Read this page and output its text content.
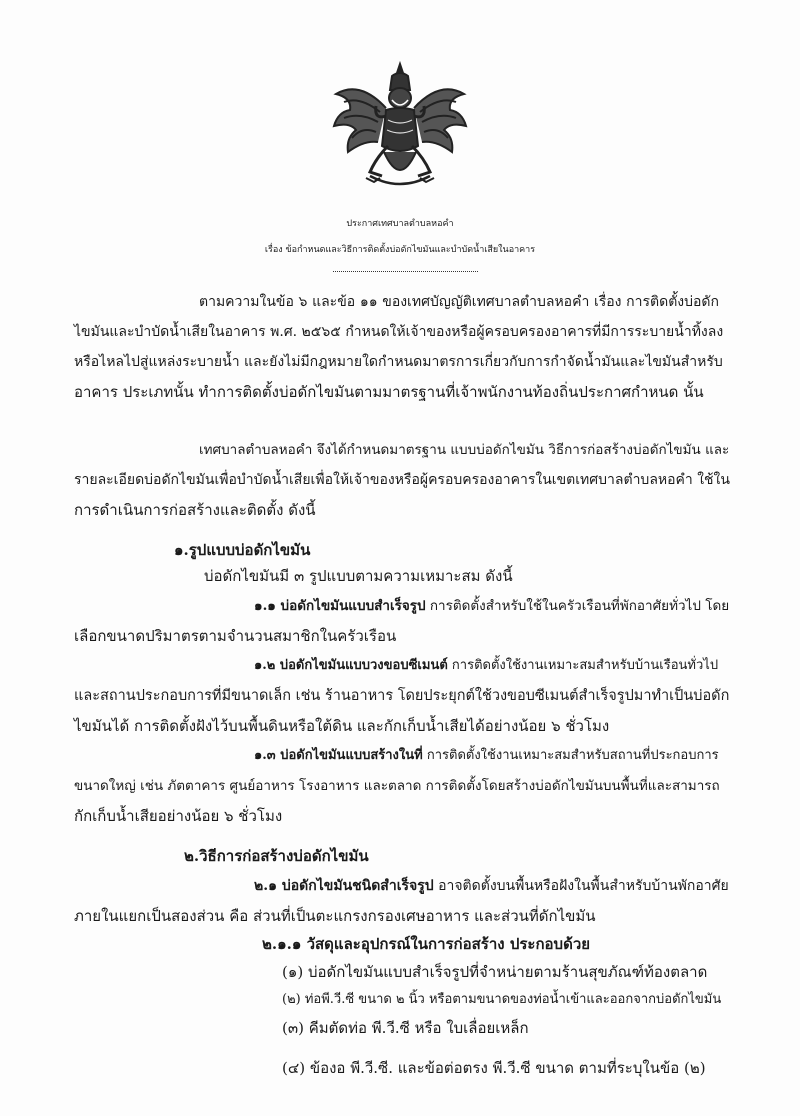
ประกาศเทศบาลตำบลหอคำ
เรื่อง ข้อกำหนดและวิธีการติดตั้งบ่อดักไขมันและบำบัดน้ำเสียในอาคาร
ตามความในข้อ ๖ และข้อ ๑๑ ของเทศบัญญัติเทศบาลตำบลหอคำ เรื่อง การติดตั้งบ่อดัก
ไขมันและบำบัดน้ำเสียในอาคาร พ.ศ. ๒๕๖๕ กำหนดให้เจ้าของหรือผู้ครอบครองอาคารที่มีการระบายน้ำทิ้งลง
หรือไหลไปสู่แหล่งระบายน้ำ และยังไม่มีกฎหมายใดกำหนดมาตรการเกี่ยวกับการกำจัดน้ำมันและไขมันสำหรับ
อาคาร ประเภทนั้น ทำการติดตั้งบ่อดักไขมันตามมาตรฐานที่เจ้าพนักงานท้องถิ่นประกาศกำหนด นั้น
เทศบาลตำบลหอคำ จึงได้กำหนดมาตรฐาน แบบบ่อดักไขมัน วิธีการก่อสร้างบ่อดักไขมัน และ
รายละเอียดบ่อดักไขมันเพื่อบำบัดน้ำเสียเพื่อให้เจ้าของหรือผู้ครอบครองอาคารในเขตเทศบาลตำบลหอคำ ใช้ใน
การดำเนินการก่อสร้างและติดตั้ง ดังนี้
๑.รูปแบบบ่อดักไขมัน
บ่อดักไขมันมี ๓ รูปแบบตามความเหมาะสม ดังนี้
๑.๑ บ่อดักไขมันแบบสำเร็จรูป การติดตั้งสำหรับใช้ในครัวเรือนที่พักอาศัยทั่วไป โดย
เลือกขนาดปริมาตรตามจำนวนสมาชิกในครัวเรือน
๑.๒ บ่อดักไขมันแบบวงขอบซีเมนต์ การติดตั้งใช้งานเหมาะสมสำหรับบ้านเรือนทั่วไป
และสถานประกอบการที่มีขนาดเล็ก เช่น ร้านอาหาร โดยประยุกต์ใช้วงขอบซีเมนต์สำเร็จรูปมาทำเป็นบ่อดัก
ไขมันได้ การติดตั้งฝังไว้บนพื้นดินหรือใต้ดิน และกักเก็บน้ำเสียได้อย่างน้อย ๖ ชั่วโมง
๑.๓ บ่อดักไขมันแบบสร้างในที่ การติดตั้งใช้งานเหมาะสมสำหรับสถานที่ประกอบการ
ขนาดใหญ่ เช่น ภัตตาคาร ศูนย์อาหาร โรงอาหาร และตลาด การติดตั้งโดยสร้างบ่อดักไขมันบนพื้นที่และสามารถ
กักเก็บน้ำเสียอย่างน้อย ๖ ชั่วโมง
๒.วิธีการก่อสร้างบ่อดักไขมัน
๒.๑ บ่อดักไขมันชนิดสำเร็จรูป อาจติดตั้งบนพื้นหรือฝังในพื้นสำหรับบ้านพักอาศัย
ภายในแยกเป็นสองส่วน คือ ส่วนที่เป็นตะแกรงกรองเศษอาหาร และส่วนที่ดักไขมัน
๒.๑.๑ วัสดุและอุปกรณ์ในการก่อสร้าง ประกอบด้วย
(๑) บ่อดักไขมันแบบสำเร็จรูปที่จำหน่ายตามร้านสุขภัณฑ์ท้องตลาด
(๒) ท่อพี.วี.ซี ขนาด ๒ นิ้ว หรือตามขนาดของท่อน้ำเข้าและออกจากบ่อดักไขมัน
(๓) คีมตัดท่อ พี.วี.ซี หรือ ใบเลื่อยเหล็ก
(๔) ข้องอ พี.วี.ซี. และข้อต่อตรง พี.วี.ซี ขนาด ตามที่ระบุในข้อ (๒)
